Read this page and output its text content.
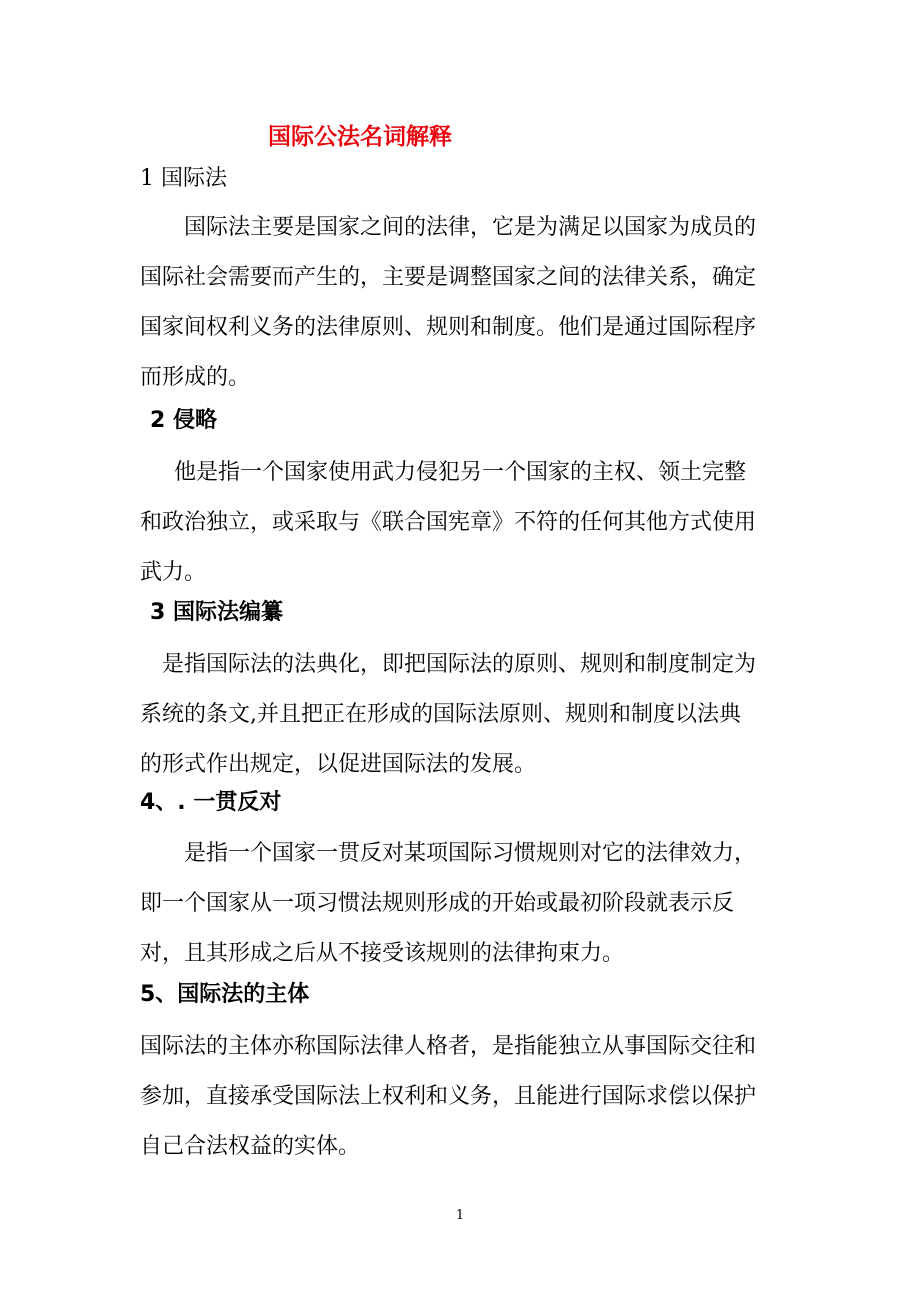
国际公法名词解释
1 国际法
国际法主要是国家之间的法律，它是为满足以国家为成员的
国际社会需要而产生的，主要是调整国家之间的法律关系，确定
国家间权利义务的法律原则、规则和制度。他们是通过国际程序
而形成的。
2 侵略
他是指一个国家使用武力侵犯另一个国家的主权、领土完整
和政治独立，或采取与《联合国宪章》不符的任何其他方式使用
武力。
3 国际法编纂
是指国际法的法典化，即把国际法的原则、规则和制度制定为
系统的条文,并且把正在形成的国际法原则、规则和制度以法典
的形式作出规定，以促进国际法的发展。
4、. 一贯反对
是指一个国家一贯反对某项国际习惯规则对它的法律效力，
即一个国家从一项习惯法规则形成的开始或最初阶段就表示反
对，且其形成之后从不接受该规则的法律拘束力。
5、国际法的主体
国际法的主体亦称国际法律人格者，是指能独立从事国际交往和
参加，直接承受国际法上权利和义务，且能进行国际求偿以保护
自己合法权益的实体。
1
